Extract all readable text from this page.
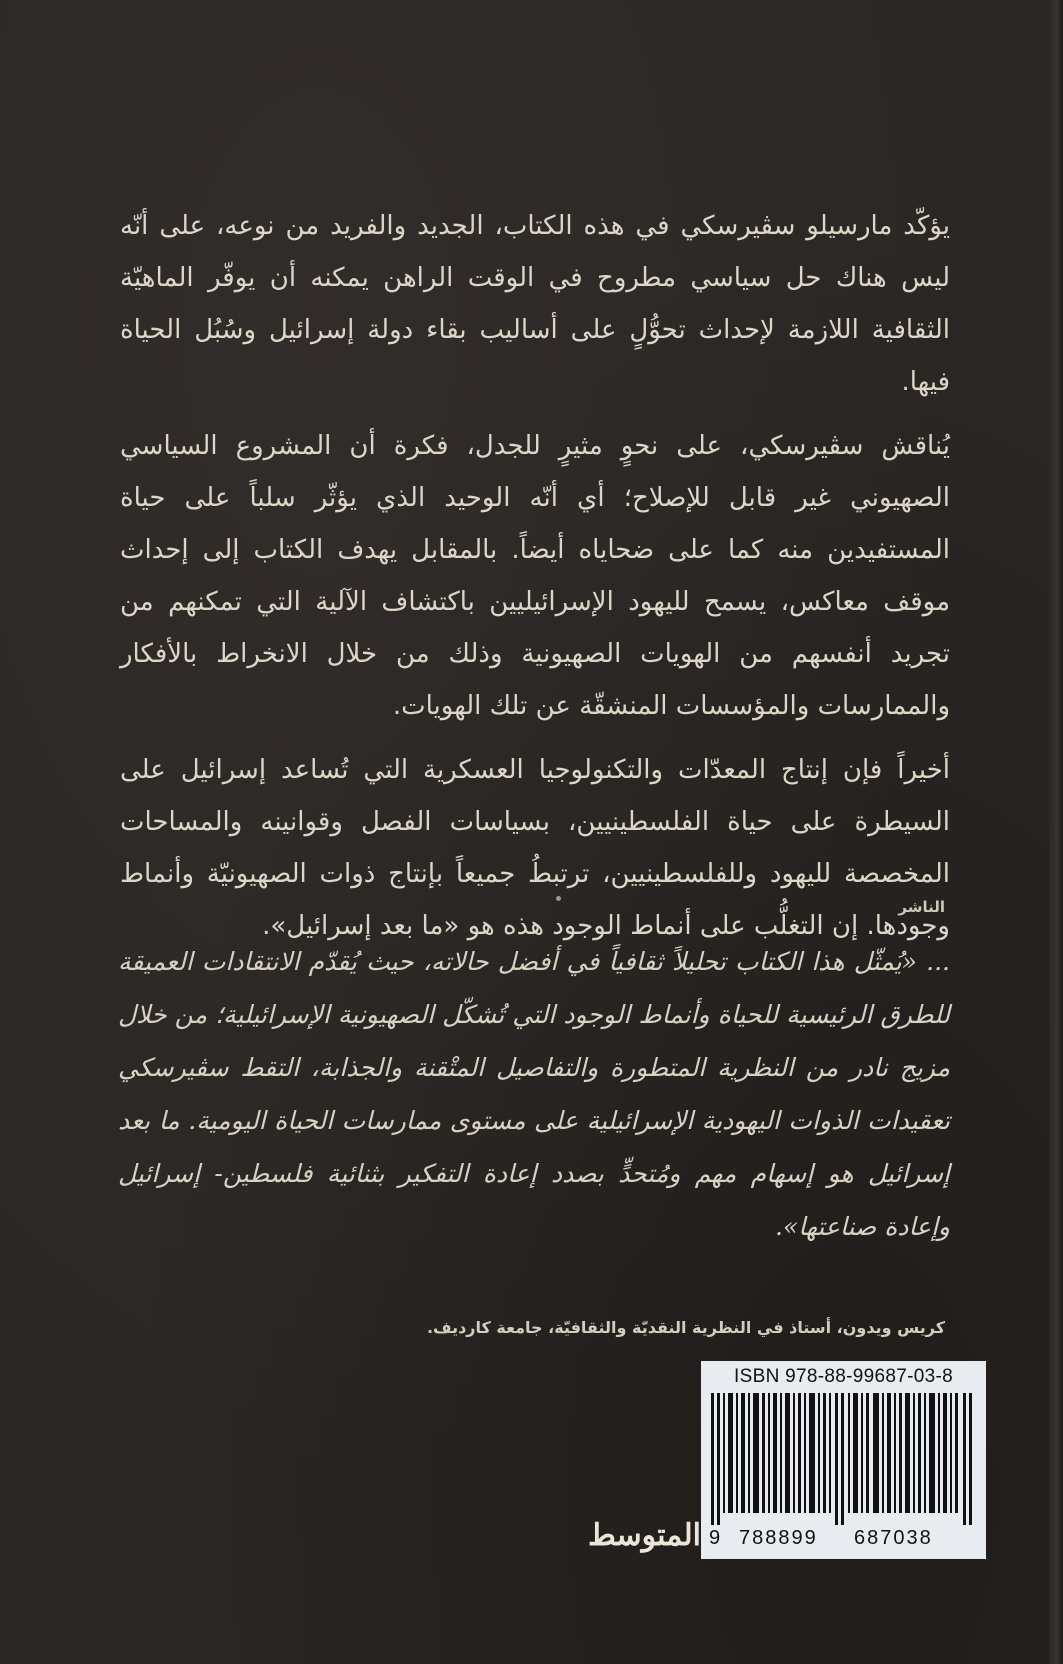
يؤكّد مارسيلو سڤيرسكي في هذه الكتاب، الجديد والفريد من نوعه، على أنّه ليس هناك حل سياسي مطروح في الوقت الراهن يمكنه أن يوفّر الماهيّة الثقافية اللازمة لإحداث تحوُّلٍ على أساليب بقاء دولة إسرائيل وسُبُل الحياة فيها.

يُناقش سڤيرسكي، على نحوٍ مثيرٍ للجدل، فكرة أن المشروع السياسي الصهيوني غير قابل للإصلاح؛ أي أنّه الوحيد الذي يؤثّر سلباً على حياة المستفيدين منه كما على ضحاياه أيضاً. بالمقابل يهدف الكتاب إلى إحداث موقف معاكس، يسمح لليهود الإسرائيليين باكتشاف الآلية التي تمكنهم من تجريد أنفسهم من الهويات الصهيونية وذلك من خلال الانخراط بالأفكار والممارسات والمؤسسات المنشقّة عن تلك الهويات.

أخيراً فإن إنتاج المعدّات والتكنولوجيا العسكرية التي تُساعد إسرائيل على السيطرة على حياة الفلسطينيين، بسياسات الفصل وقوانينه والمساحات المخصصة لليهود وللفلسطينيين، ترتبطُ جميعاً بإنتاج ذوات الصهيونيّة وأنماط وجودها. إن التغلُّب على أنماط الوجود هذه هو «ما بعد إسرائيل».

الناشر
... «يُمثّل هذا الكتاب تحليلاً ثقافياً في أفضل حالاته، حيث يُقدّم الانتقادات العميقة للطرق الرئيسية للحياة وأنماط الوجود التي تُشكّل الصهيونية الإسرائيلية؛ من خلال مزيج نادر من النظرية المتطورة والتفاصيل المتْقنة والجذابة، التقط سڤيرسكي تعقيدات الذوات اليهودية الإسرائيلية على مستوى ممارسات الحياة اليومية. ما بعد إسرائيل هو إسهام مهم ومُتحدٍّ بصدد إعادة التفكير بثنائية فلسطين- إسرائيل وإعادة صناعتها».
كريس ويدون، أستاذ في النظرية النقديّة والثقافيّة، جامعة كارديف.
ISBN 978-88-99687-03-8
9 788899 687038
المتوسط
